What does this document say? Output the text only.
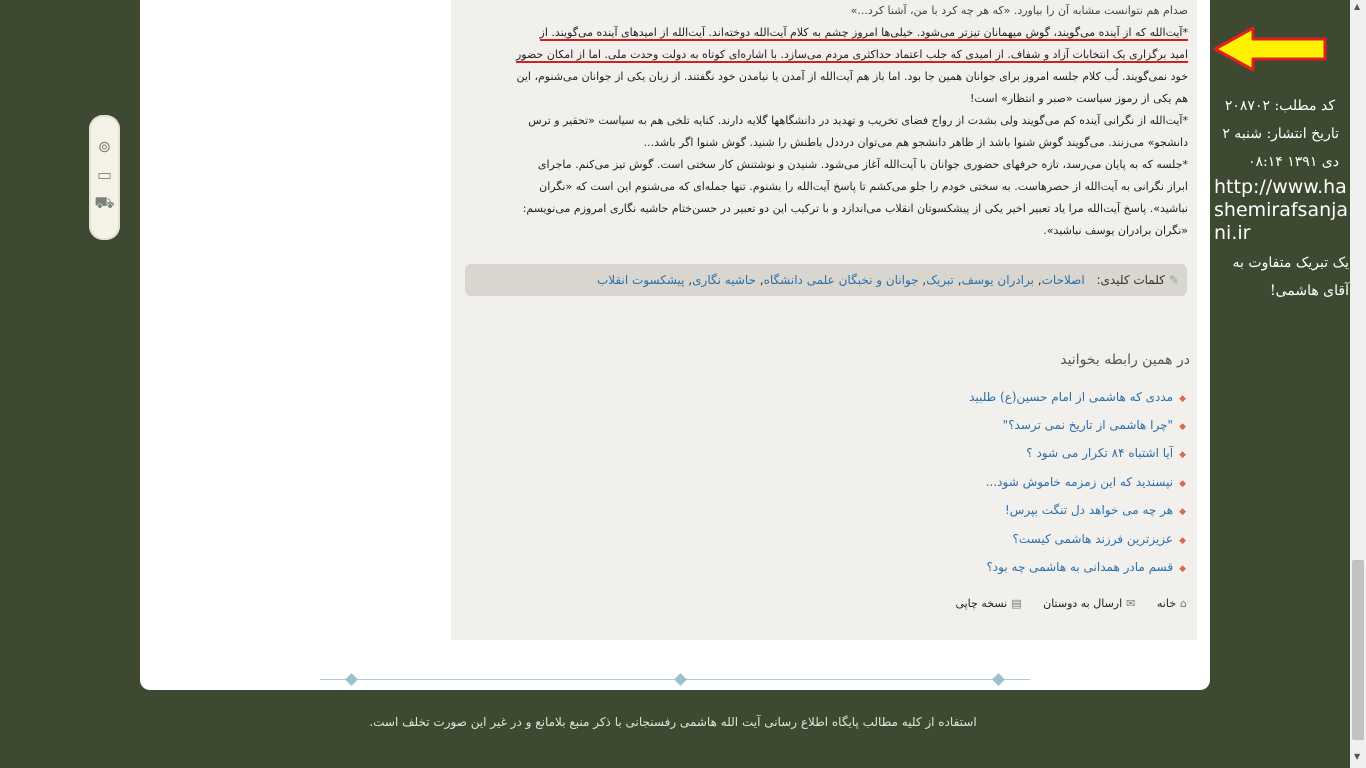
⊚
▭
⛟

صدام هم نتوانست مشابه آن را بیاورد. «که هر چه کرد با من، آشنا کرد...»

*آیت‌الله که از آینده می‌گویند، گوش میهمانان تیزتر می‌شود. خیلی‌ها امروز چشم به کلام آیت‌الله دوخته‌اند. آیت‌الله از امیدهای آینده می‌گویند. از

امید برگزاری یک انتخابات آزاد و شفاف. از امیدی که جلب اعتماد حداکثری مردم می‌سازد. با اشاره‌ای کوتاه به دولت وحدت ملی. اما از امکان حضور

خود نمی‌گویند. لُب کلام جلسه امروز برای جوانان همین جا بود. اما باز هم آیت‌الله از آمدن یا نیامدن خود نگفتند. از زبان یکی از جوانان می‌شنوم، این

هم یکی از رموز سیاست «صبر و انتظار» است!

*آیت‌الله از نگرانی آینده کم می‌گویند ولی بشدت از رواج فضای تخریب و تهدید در دانشگاهها گلایه دارند. کنایه تلخی هم به سیاست «تحقیر و ترس

دانشجو» می‌زنند. می‌گویند گوش شنوا باشد از ظاهر دانشجو هم می‌توان درددل باطنش را شنید. گوش شنوا اگر باشد...

*جلسه که به پایان می‌رسد، تازه حرفهای حضوری جوانان با آیت‌الله آغاز می‌شود. شنیدن و نوشتنش کار سختی است. گوش تیز می‌کنم. ماجرای

ابراز نگرانی به آیت‌الله از حصرهاست. به سختی خودم را جلو می‌کشم تا پاسخ آیت‌الله را بشنوم. تنها جمله‌ای که می‌شنوم این است که «نگران

نباشید». پاسخ آیت‌الله مرا یاد تعبیر اخیر یکی از پیشکسوتان انقلاب می‌اندازد و با ترکیب این دو تعبیر در حسن‌ختام حاشیه نگاری امروزم می‌نویسم:

«نگران برادران یوسف نباشید».

✎کلمات کلیدی: اصلاحات, برادران یوسف, تبریک, جوانان و نخبگان علمی دانشگاه, حاشیه نگاری, پیشکسوت انقلاب
در همین رابطه بخوانید
◆مددی که هاشمی از امام حسین(ع) طلبید
◆"چرا هاشمی از تاریخ نمی ترسد؟"
◆آیا اشتباه ۸۴ تکرار می شود ؟
◆نپسندید که این زمزمه خاموش شود...
◆هر چه می خواهد دل تنگت بپرس!
◆عزیزترین فرزند هاشمی کیست؟
◆قسم مادر همدانی به هاشمی چه بود؟
⌂خانه ✉ارسال به دوستان ▤نسخه چاپی
استفاده از کلیه مطالب پایگاه اطلاع رسانی آیت الله هاشمی رفسنجانی با ذکر منبع بلامانع و در غیر این صورت تخلف است.
کد مطلب: ۲۰۸۷۰۲
تاریخ انتشار: شنبه ۲
دی ۱۳۹۱ ۰۸:۱۴
http://www.hashemirafsanjani.ir
یک تبریک متفاوت به
آقای هاشمی!
▲
▼
